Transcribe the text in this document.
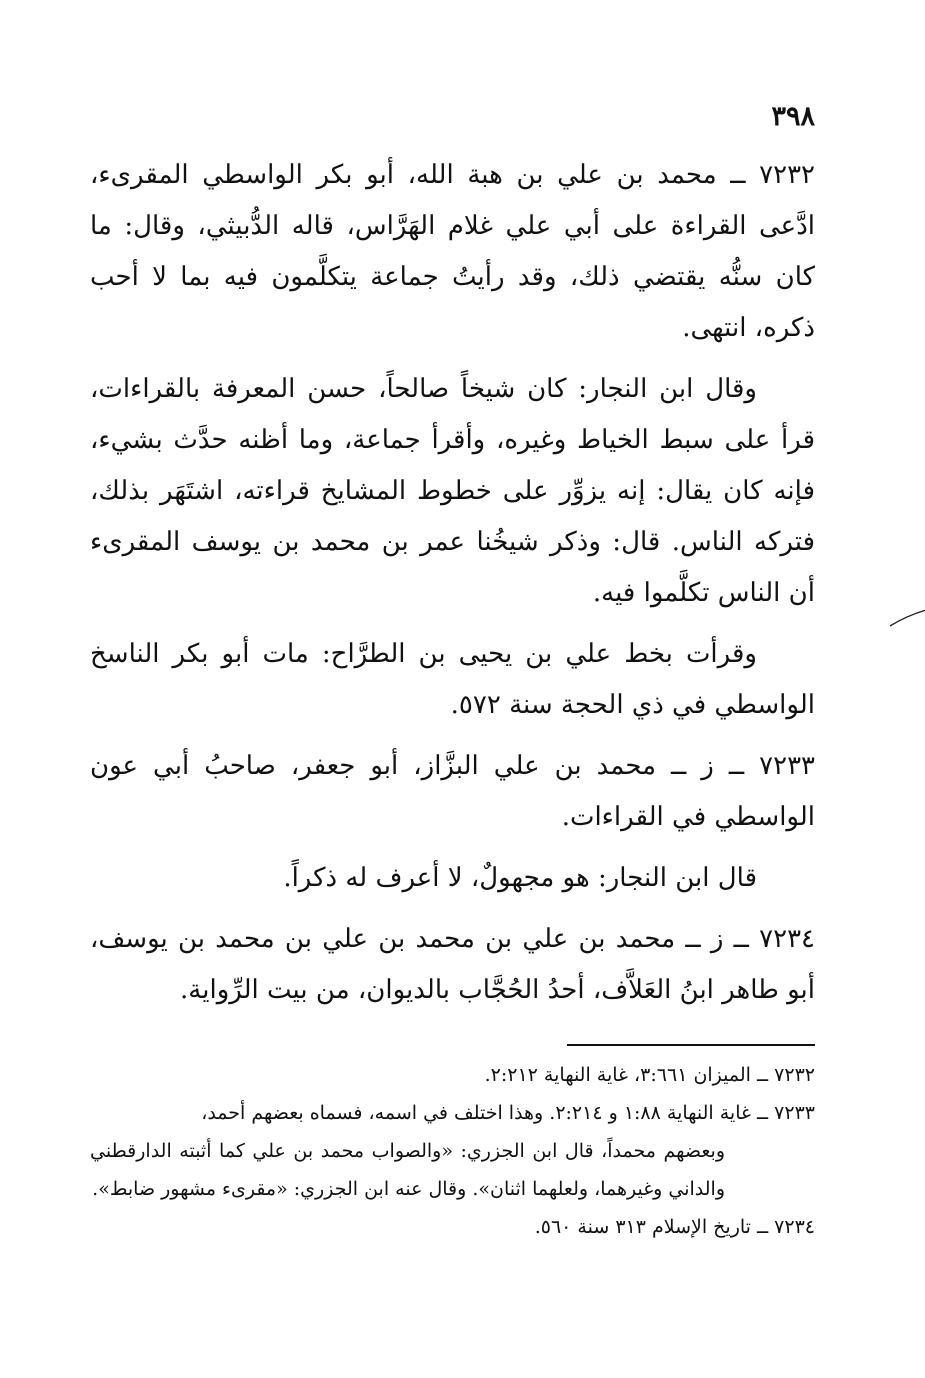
٣٩٨

٧٢٣٢ ــ محمد بن علي بن هبة الله، أبو بكر الواسطي المقرىء، ادَّعى القراءة على أبي علي غلام الهَرَّاس، قاله الدُّبيثي، وقال: ما كان سنُّه يقتضي ذلك، وقد رأيتُ جماعة يتكلَّمون فيه بما لا أحب ذكره، انتهى.

وقال ابن النجار: كان شيخاً صالحاً، حسن المعرفة بالقراءات، قرأ على سبط الخياط وغيره، وأقرأ جماعة، وما أظنه حدَّث بشيء، فإنه كان يقال: إنه يزوِّر على خطوط المشايخ قراءته، اشتَهَر بذلك، فتركه الناس. قال: وذكر شيخُنا عمر بن محمد بن يوسف المقرىء أن الناس تكلَّموا فيه.

وقرأت بخط علي بن يحيى بن الطرَّاح: مات أبو بكر الناسخ الواسطي في ذي الحجة سنة ٥٧٢.

٧٢٣٣ ــ ز ــ محمد بن علي البزَّاز، أبو جعفر، صاحبُ أبي عون الواسطي في القراءات.

قال ابن النجار: هو مجهولٌ، لا أعرف له ذكراً.

٧٢٣٤ ــ ز ــ محمد بن علي بن محمد بن علي بن محمد بن يوسف، أبو طاهر ابنُ العَلاَّف، أحدُ الحُجَّاب بالديوان، من بيت الرِّواية.

٧٢٣٢ ــ الميزان ٣:٦٦١، غاية النهاية ٢:٢١٢.

٧٢٣٣ ــ غاية النهاية ١:٨٨ و ٢:٢١٤. وهذا اختلف في اسمه، فسماه بعضهم أحمد،

وبعضهم محمداً، قال ابن الجزري: «والصواب محمد بن علي كما أثبته الدارقطني والداني وغيرهما، ولعلهما اثنان». وقال عنه ابن الجزري: «مقرىء مشهور ضابط».

٧٢٣٤ ــ تاريخ الإسلام ٣١٣ سنة ٥٦٠.
